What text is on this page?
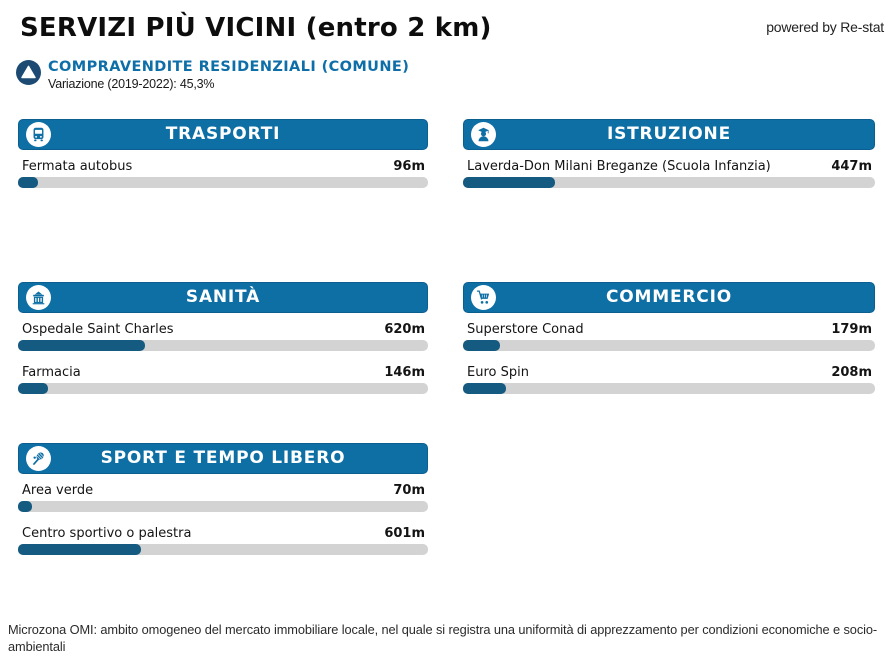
SERVIZI PIÙ VICINI (entro 2 km)	powered by Re-stat
COMPRAVENDITE RESIDENZIALI (COMUNE)
Variazione (2019-2022): 45,3%
TRASPORTI
Fermata autobus	96m
ISTRUZIONE
Laverda-Don Milani Breganze (Scuola Infanzia)	447m
SANITÀ
Ospedale Saint Charles	620m
Farmacia	146m
COMMERCIO
Superstore Conad	179m
Euro Spin	208m
SPORT E TEMPO LIBERO
Area verde	70m
Centro sportivo o palestra	601m
Microzona OMI: ambito omogeneo del mercato immobiliare locale, nel quale si registra una uniformità di apprezzamento per condizioni economiche e socio-ambientali
